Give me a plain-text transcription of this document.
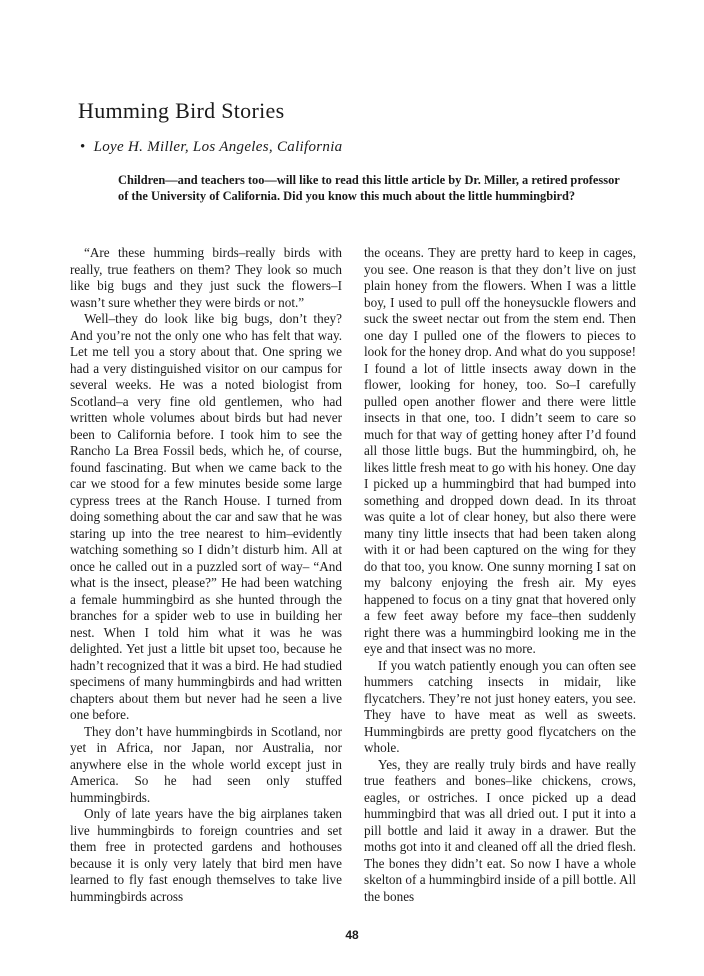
Humming Bird Stories
• Loye H. Miller, Los Angeles, California
Children—and teachers too—will like to read this little article by Dr. Miller, a retired professor of the University of California. Did you know this much about the little hummingbird?

“Are these humming birds–really birds with really, true feathers on them? They look so much like big bugs and they just suck the flowers–I wasn’t sure whether they were birds or not.”

Well–they do look like big bugs, don’t they? And you’re not the only one who has felt that way. Let me tell you a story about that. One spring we had a very distinguished visitor on our campus for several weeks. He was a noted biologist from Scotland–a very fine old gentlemen, who had written whole volumes about birds but had never been to California before. I took him to see the Rancho La Brea Fossil beds, which he, of course, found fascinating. But when we came back to the car we stood for a few minutes beside some large cypress trees at the Ranch House. I turned from doing something about the car and saw that he was staring up into the tree nearest to him–evidently watching something so I didn’t disturb him. All at once he called out in a puzzled sort of way– “And what is the insect, please?” He had been watching a female hummingbird as she hunted through the branches for a spider web to use in building her nest. When I told him what it was he was delighted. Yet just a little bit upset too, because he hadn’t recognized that it was a bird. He had studied specimens of many hummingbirds and had written chapters about them but never had he seen a live one before.

They don’t have hummingbirds in Scotland, nor yet in Africa, nor Japan, nor Australia, nor anywhere else in the whole world except just in America. So he had seen only stuffed hummingbirds.

Only of late years have the big airplanes taken live hummingbirds to foreign countries and set them free in protected gardens and hothouses because it is only very lately that bird men have learned to fly fast enough themselves to take live hummingbirds across

the oceans. They are pretty hard to keep in cages, you see. One reason is that they don’t live on just plain honey from the flowers. When I was a little boy, I used to pull off the honeysuckle flowers and suck the sweet nectar out from the stem end. Then one day I pulled one of the flowers to pieces to look for the honey drop. And what do you suppose! I found a lot of little insects away down in the flower, looking for honey, too. So–I carefully pulled open another flower and there were little insects in that one, too. I didn’t seem to care so much for that way of getting honey after I’d found all those little bugs. But the hummingbird, oh, he likes little fresh meat to go with his honey. One day I picked up a hummingbird that had bumped into something and dropped down dead. In its throat was quite a lot of clear honey, but also there were many tiny little insects that had been taken along with it or had been captured on the wing for they do that too, you know. One sunny morning I sat on my balcony enjoying the fresh air. My eyes happened to focus on a tiny gnat that hovered only a few feet away before my face–then suddenly right there was a hummingbird looking me in the eye and that insect was no more.

If you watch patiently enough you can often see hummers catching insects in midair, like flycatchers. They’re not just honey eaters, you see. They have to have meat as well as sweets. Hummingbirds are pretty good flycatchers on the whole.

Yes, they are really truly birds and have really true feathers and bones–like chickens, crows, eagles, or ostriches. I once picked up a dead hummingbird that was all dried out. I put it into a pill bottle and laid it away in a drawer. But the moths got into it and cleaned off all the dried flesh. The bones they didn’t eat. So now I have a whole skelton of a hummingbird inside of a pill bottle. All the bones

48
